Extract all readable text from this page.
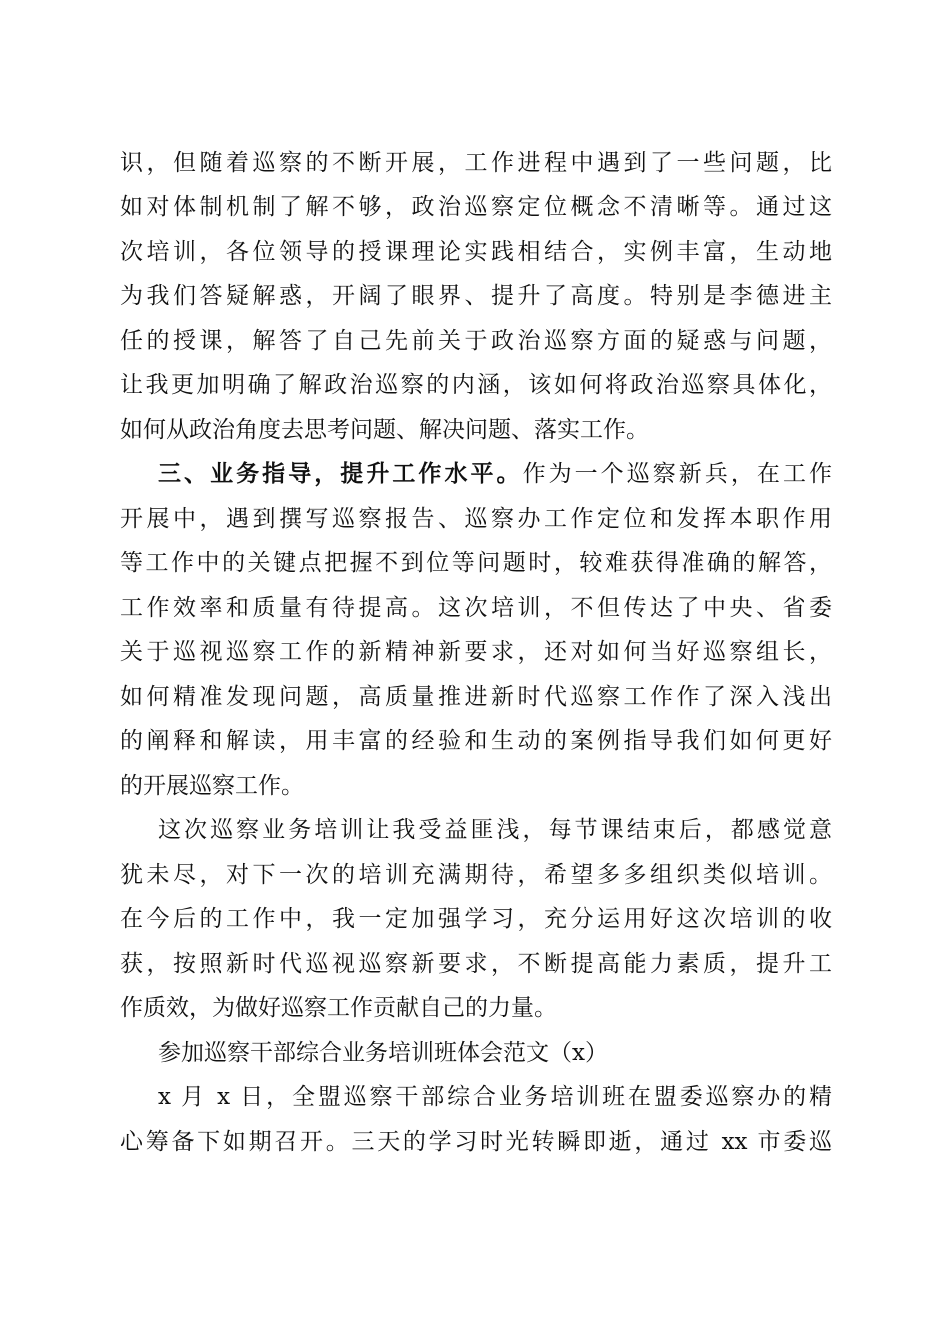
识，但随着巡察的不断开展，工作进程中遇到了一些问题，比
如对体制机制了解不够，政治巡察定位概念不清晰等。通过这
次培训，各位领导的授课理论实践相结合，实例丰富，生动地
为我们答疑解惑，开阔了眼界、提升了高度。特别是李德进主
任的授课，解答了自己先前关于政治巡察方面的疑惑与问题，
让我更加明确了解政治巡察的内涵，该如何将政治巡察具体化，
如何从政治角度去思考问题、解决问题、落实工作。
三、业务指导，提升工作水平。作为一个巡察新兵，在工作
开展中，遇到撰写巡察报告、巡察办工作定位和发挥本职作用
等工作中的关键点把握不到位等问题时，较难获得准确的解答，
工作效率和质量有待提高。这次培训，不但传达了中央、省委
关于巡视巡察工作的新精神新要求，还对如何当好巡察组长，
如何精准发现问题，高质量推进新时代巡察工作作了深入浅出
的阐释和解读，用丰富的经验和生动的案例指导我们如何更好
的开展巡察工作。
这次巡察业务培训让我受益匪浅，每节课结束后，都感觉意
犹未尽，对下一次的培训充满期待，希望多多组织类似培训。
在今后的工作中，我一定加强学习，充分运用好这次培训的收
获，按照新时代巡视巡察新要求，不断提高能力素质，提升工
作质效，为做好巡察工作贡献自己的力量。
参加巡察干部综合业务培训班体会范文（x）
x 月 x 日，全盟巡察干部综合业务培训班在盟委巡察办的精
心筹备下如期召开。三天的学习时光转瞬即逝，通过 xx 市委巡
